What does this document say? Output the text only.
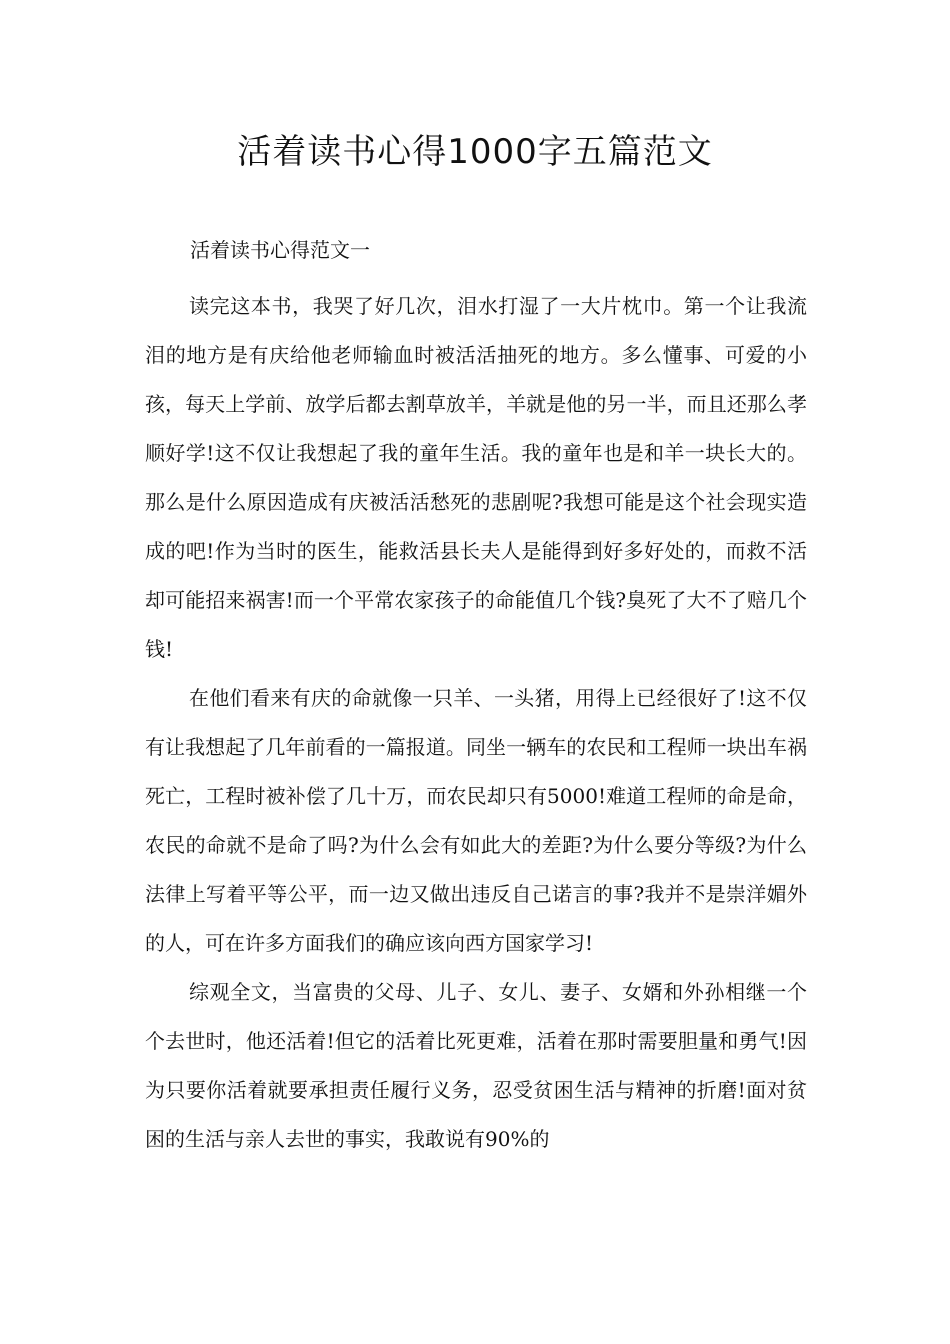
活着读书心得1000字五篇范文

活着读书心得范文一

读完这本书，我哭了好几次，泪水打湿了一大片枕巾。第一个让我流泪的地方是有庆给他老师输血时被活活抽死的地方。多么懂事、可爱的小孩，每天上学前、放学后都去割草放羊，羊就是他的另一半，而且还那么孝顺好学!这不仅让我想起了我的童年生活。我的童年也是和羊一块长大的。那么是什么原因造成有庆被活活愁死的悲剧呢?我想可能是这个社会现实造成的吧!作为当时的医生，能救活县长夫人是能得到好多好处的，而救不活却可能招来祸害!而一个平常农家孩子的命能值几个钱?臭死了大不了赔几个钱!

在他们看来有庆的命就像一只羊、一头猪，用得上已经很好了!这不仅有让我想起了几年前看的一篇报道。同坐一辆车的农民和工程师一块出车祸死亡，工程时被补偿了几十万，而农民却只有5000!难道工程师的命是命，农民的命就不是命了吗?为什么会有如此大的差距?为什么要分等级?为什么法律上写着平等公平，而一边又做出违反自己诺言的事?我并不是崇洋媚外的人，可在许多方面我们的确应该向西方国家学习!

综观全文，当富贵的父母、儿子、女儿、妻子、女婿和外孙相继一个个去世时，他还活着!但它的活着比死更难，活着在那时需要胆量和勇气!因为只要你活着就要承担责任履行义务，忍受贫困生活与精神的折磨!面对贫困的生活与亲人去世的事实，我敢说有90%的
